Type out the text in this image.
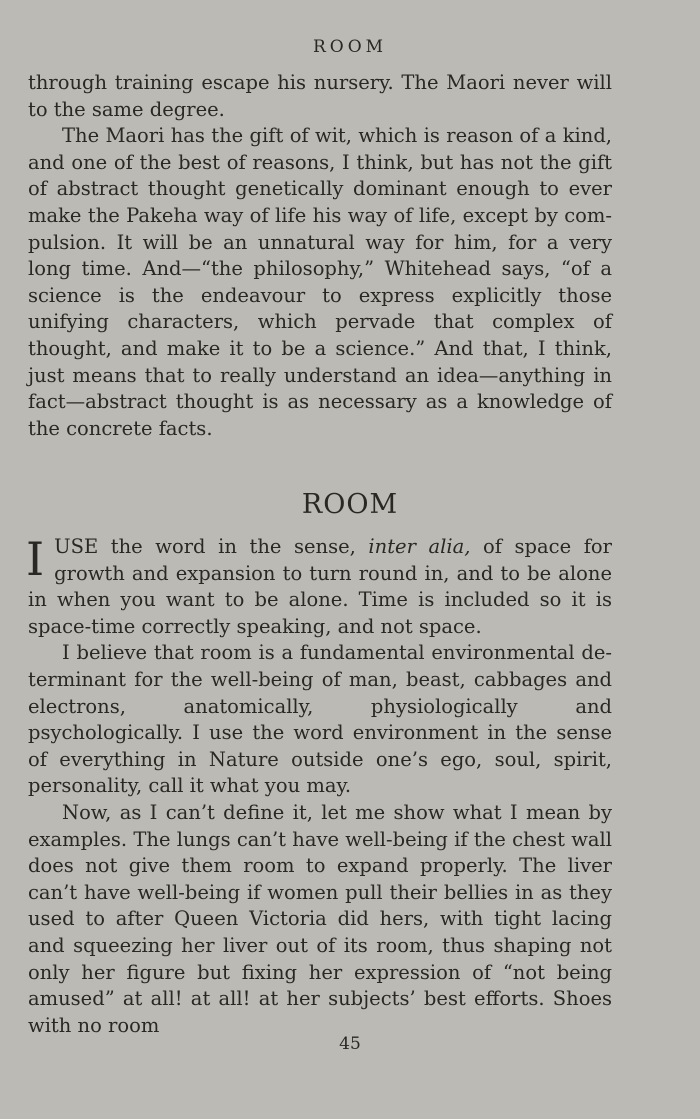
ROOM

through training escape his nursery. The Maori never will to the same degree.

The Maori has the gift of wit, which is reason of a kind, and one of the best of reasons, I think, but has not the gift of abstract thought genetically dominant enough to ever make the Pakeha way of life his way of life, except by com-pulsion. It will be an unnatural way for him, for a very long time. And—“the philosophy,” Whitehead says, “of a science is the endeavour to express explicitly those unifying characters, which pervade that complex of thought, and make it to be a science.” And that, I think, just means that to really understand an idea—anything in fact—abstract thought is as necessary as a knowledge of the concrete facts.

ROOM

IUSE the word in the sense, inter alia, of space for growth and expansion to turn round in, and to be alone in when you want to be alone. Time is included so it is space-time correctly speaking, and not space.

I believe that room is a fundamental environmental de-terminant for the well-being of man, beast, cabbages and electrons, anatomically, physiologically and psychologically. I use the word environment in the sense of everything in Nature outside one’s ego, soul, spirit, personality, call it what you may.

Now, as I can’t define it, let me show what I mean by examples. The lungs can’t have well-being if the chest wall does not give them room to expand properly. The liver can’t have well-being if women pull their bellies in as they used to after Queen Victoria did hers, with tight lacing and squeezing her liver out of its room, thus shaping not only her figure but fixing her expression of “not being amused” at all! at all! at her subjects’ best efforts. Shoes with no room

45
